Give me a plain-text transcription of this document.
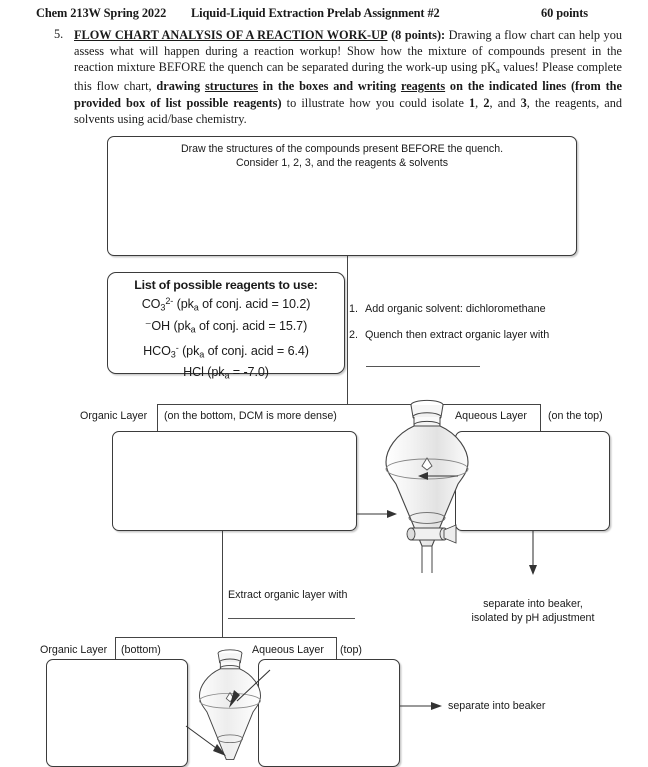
Chem 213W Spring 2022 Liquid-Liquid Extraction Prelab Assignment #2	60 points
5. FLOW CHART ANALYSIS OF A REACTION WORK-UP (8 points): Drawing a flow chart can help you assess what will happen during a reaction workup! Show how the mixture of compounds present in the reaction mixture BEFORE the quench can be separated during the work-up using $pK_a$ values! Please complete this flow chart, drawing structures in the boxes and writing reagents on the indicated lines (from the provided box of list possible reagents) to illustrate how you could isolate 1, 2, and 3, the reagents, and solvents using acid/base chemistry.
Draw the structures of the compounds present BEFORE the quench.
Consider 1, 2, 3, and the reagents & solvents
List of possible reagents to use:
$CO_3^{2-}$ ($pk_a$ of conj. acid = 10.2)
⁻OH ($pk_a$ of conj. acid = 15.7)
$HCO_3^-$ ($pk_a$ of conj. acid = 6.4)
HCl $(pk_a = -7.0)$
1. Add organic solvent: dichloromethane
2. Quench then extract organic layer with
Organic Layer (on the bottom, DCM is more dense)	Aqueous Layer (on the top)
Extract organic layer with
separate into beaker,
isolated by pH adjustment
Organic Layer (bottom)	Aqueous Layer (top)
separate into beaker
